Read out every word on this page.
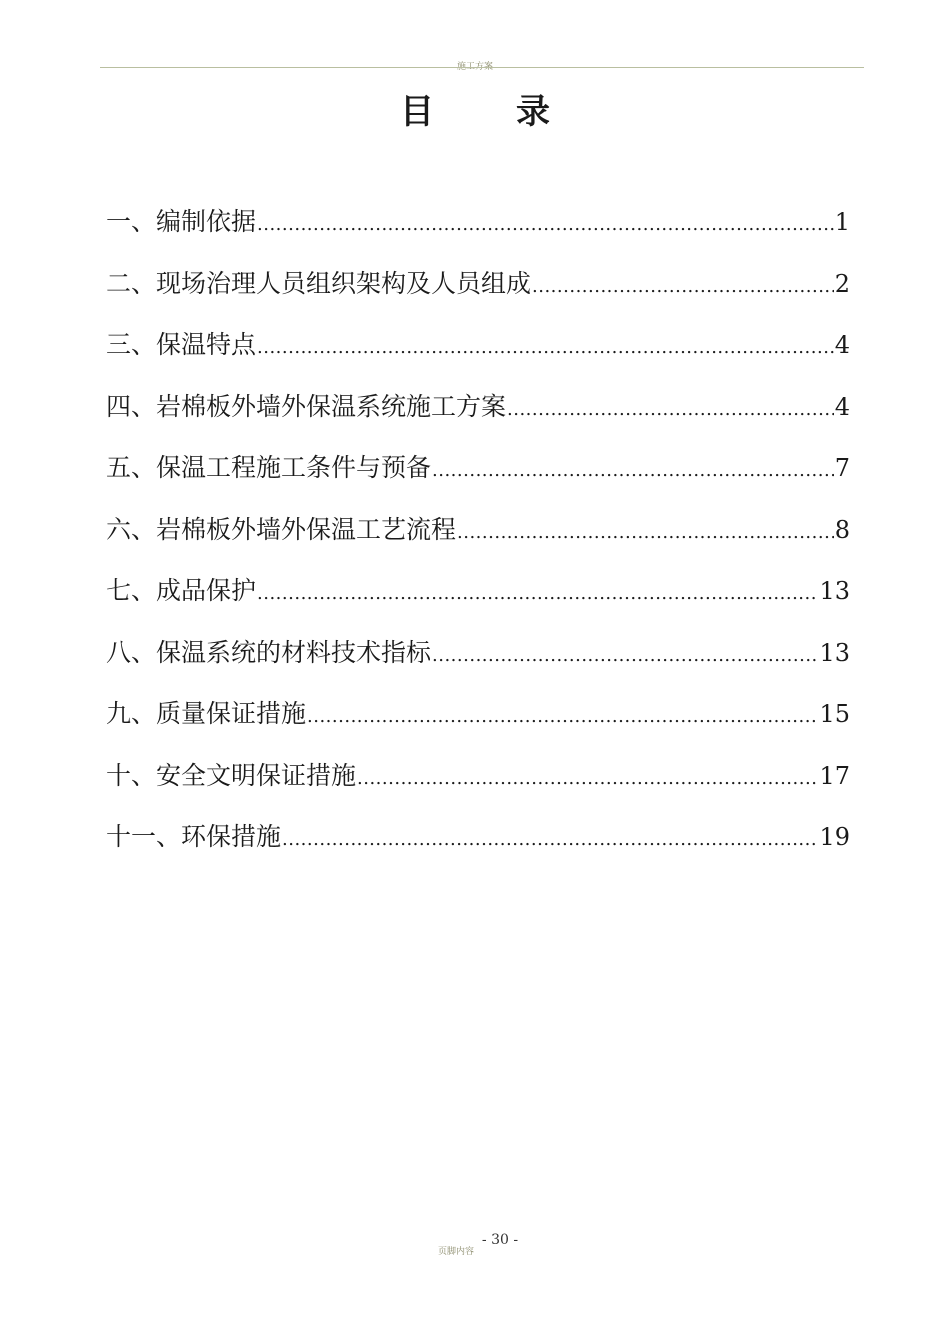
施工方案
目 录
一、编制依据 .....	1
二、现场治理人员组织架构及人员组成 .....	2
三、保温特点 .....	4
四、岩棉板外墙外保温系统施工方案 .....	4
五、保温工程施工条件与预备 .....	7
六、岩棉板外墙外保温工艺流程 .....	8
七、成品保护 .....	13
八、保温系统的材料技术指标 .....	13
九、质量保证措施 .....	15
十、安全文明保证措施 .....	17
十一、环保措施 .....	19
- 30 -
页脚内容
